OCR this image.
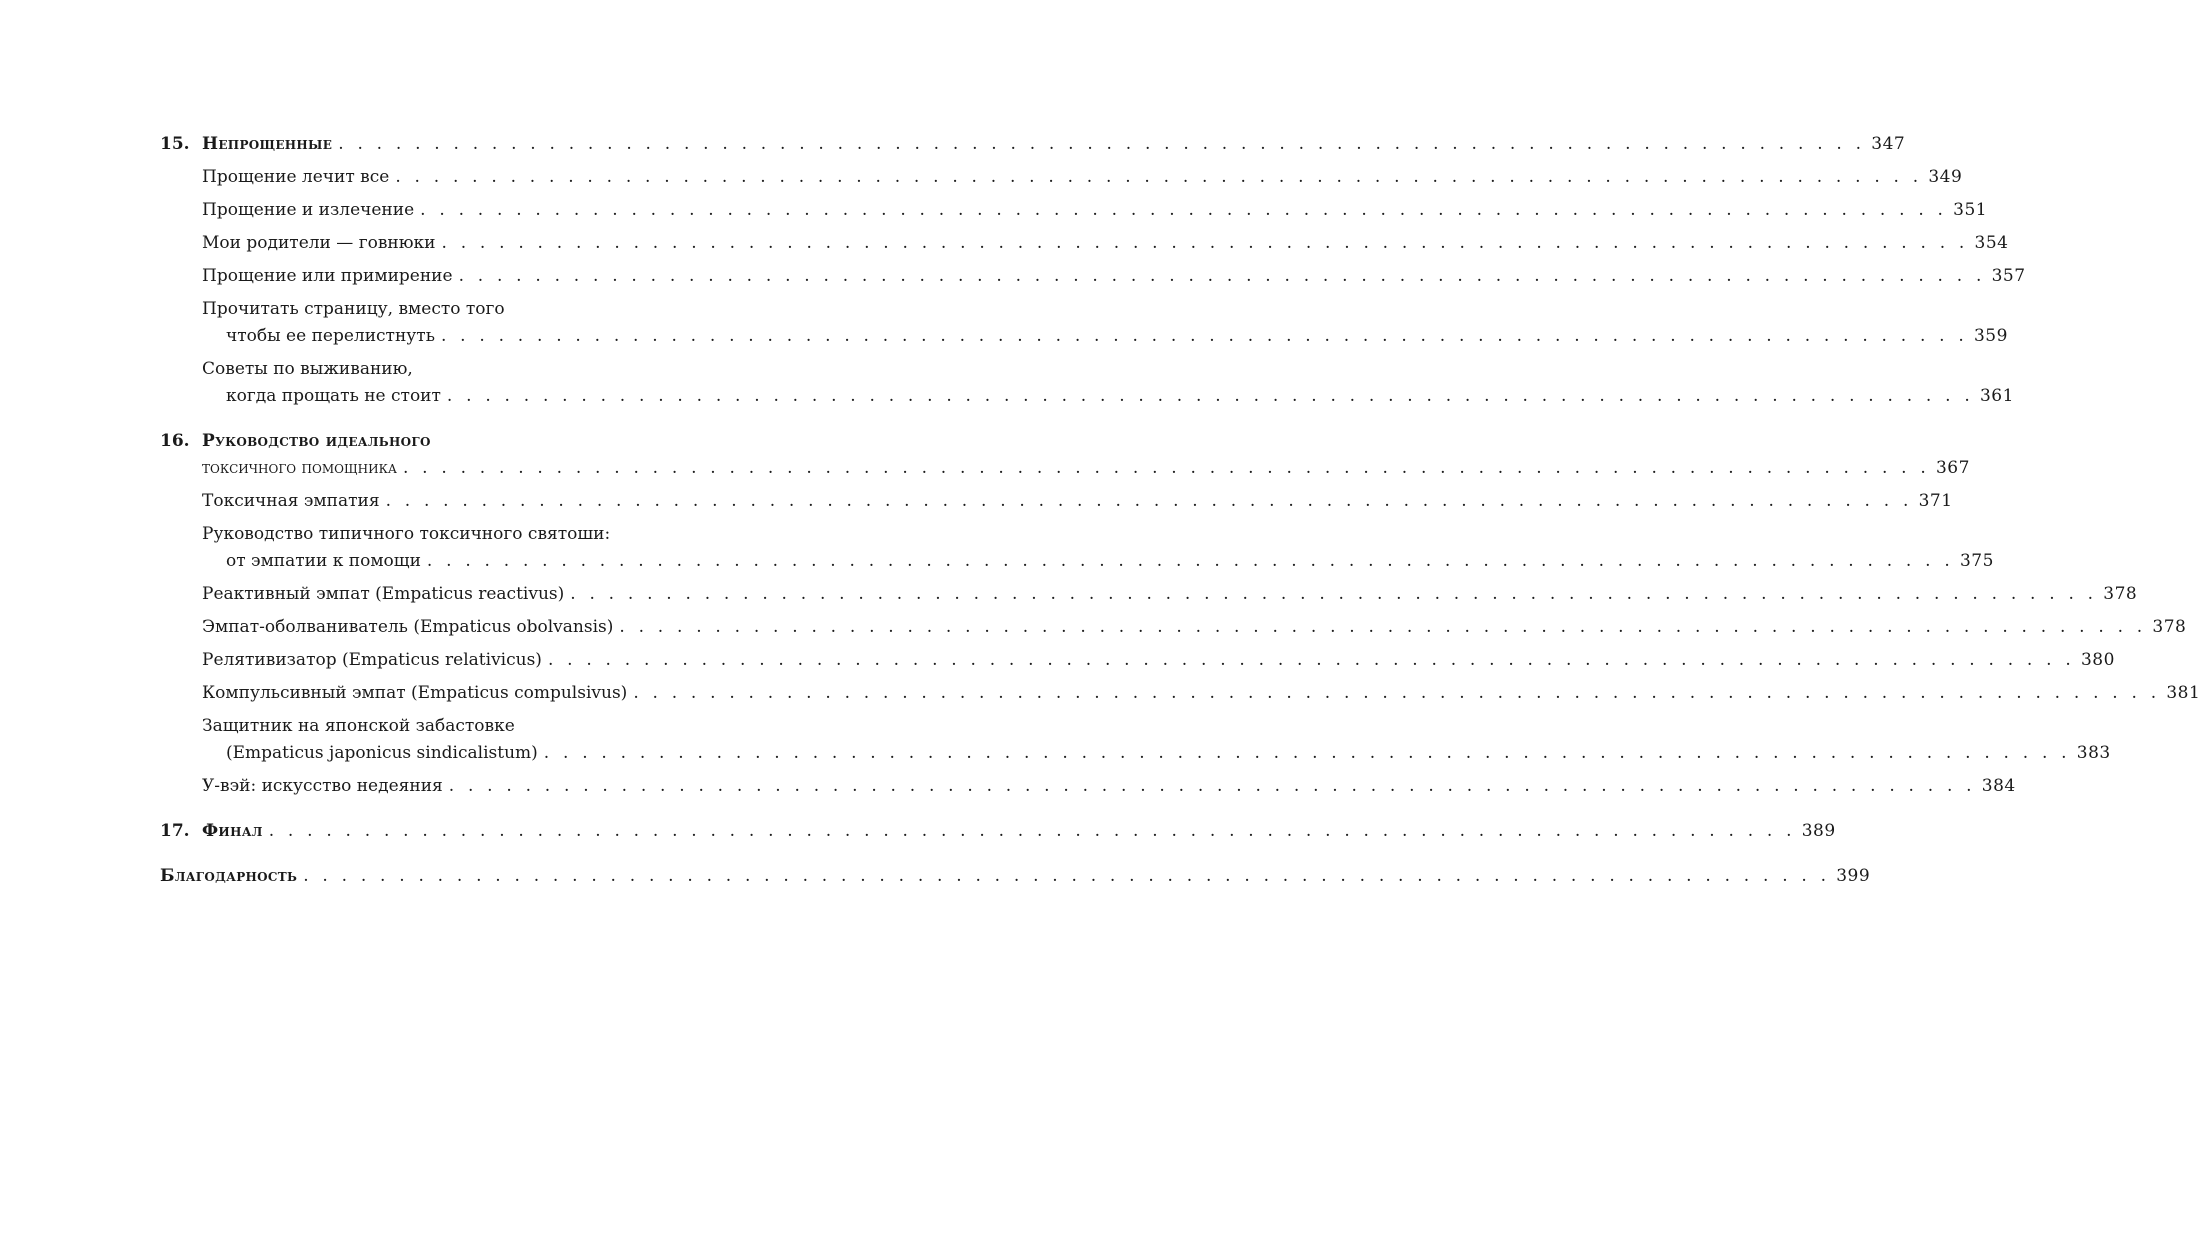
15. Непрощенные . . . . . . . . . . . . . . . . . . . . . . . . . . . . . . . . . . . . . . . . . . . . . . . . . . . . . . . . . . . . . . . . . . . . . . . . . . . . . . . . 347
Прощение лечит все . . . . . . . . . . . . . . . . . . . . . . . . . . . . . . . . . . . . . . . . . . . . . . . . . . . . . . . . . . . . . . . . . . . . . . . . . . . . . . . . 349
Прощение и излечение . . . . . . . . . . . . . . . . . . . . . . . . . . . . . . . . . . . . . . . . . . . . . . . . . . . . . . . . . . . . . . . . . . . . . . . . . . . . . . . . 351
Мои родители — говнюки . . . . . . . . . . . . . . . . . . . . . . . . . . . . . . . . . . . . . . . . . . . . . . . . . . . . . . . . . . . . . . . . . . . . . . . . . . . . . . . . 354
Прощение или примирение . . . . . . . . . . . . . . . . . . . . . . . . . . . . . . . . . . . . . . . . . . . . . . . . . . . . . . . . . . . . . . . . . . . . . . . . . . . . . . . . 357
Прочитать страницу, вместо того
чтобы ее перелистнуть . . . . . . . . . . . . . . . . . . . . . . . . . . . . . . . . . . . . . . . . . . . . . . . . . . . . . . . . . . . . . . . . . . . . . . . . . . . . . . . . 359
Советы по выживанию,
когда прощать не стоит . . . . . . . . . . . . . . . . . . . . . . . . . . . . . . . . . . . . . . . . . . . . . . . . . . . . . . . . . . . . . . . . . . . . . . . . . . . . . . . . 361
16. Руководство идеального
токсичного помощника . . . . . . . . . . . . . . . . . . . . . . . . . . . . . . . . . . . . . . . . . . . . . . . . . . . . . . . . . . . . . . . . . . . . . . . . . . . . . . . . 367
Токсичная эмпатия . . . . . . . . . . . . . . . . . . . . . . . . . . . . . . . . . . . . . . . . . . . . . . . . . . . . . . . . . . . . . . . . . . . . . . . . . . . . . . . . 371
Руководство типичного токсичного святоши:
от эмпатии к помощи . . . . . . . . . . . . . . . . . . . . . . . . . . . . . . . . . . . . . . . . . . . . . . . . . . . . . . . . . . . . . . . . . . . . . . . . . . . . . . . . 375
Реактивный эмпат (Empaticus reactivus) . . . . . . . . . . . . . . . . . . . . . . . . . . . . . . . . . . . . . . . . . . . . . . . . . . . . . . . . . . . . . . . . . . . . . . . . . . . . . . . . 378
Эмпат-оболваниватель (Empaticus obolvansis) . . . . . . . . . . . . . . . . . . . . . . . . . . . . . . . . . . . . . . . . . . . . . . . . . . . . . . . . . . . . . . . . . . . . . . . . . . . . . . . . 378
Релятивизатор (Empaticus relativicus) . . . . . . . . . . . . . . . . . . . . . . . . . . . . . . . . . . . . . . . . . . . . . . . . . . . . . . . . . . . . . . . . . . . . . . . . . . . . . . . . 380
Компульсивный эмпат (Empaticus compulsivus) . . . . . . . . . . . . . . . . . . . . . . . . . . . . . . . . . . . . . . . . . . . . . . . . . . . . . . . . . . . . . . . . . . . . . . . . . . . . . . . . 381
Защитник на японской забастовке
(Empaticus japonicus sindicalistum) . . . . . . . . . . . . . . . . . . . . . . . . . . . . . . . . . . . . . . . . . . . . . . . . . . . . . . . . . . . . . . . . . . . . . . . . . . . . . . . . 383
У-вэй: искусство недеяния . . . . . . . . . . . . . . . . . . . . . . . . . . . . . . . . . . . . . . . . . . . . . . . . . . . . . . . . . . . . . . . . . . . . . . . . . . . . . . . . 384
17. Финал . . . . . . . . . . . . . . . . . . . . . . . . . . . . . . . . . . . . . . . . . . . . . . . . . . . . . . . . . . . . . . . . . . . . . . . . . . . . . . . . 389
Благодарность . . . . . . . . . . . . . . . . . . . . . . . . . . . . . . . . . . . . . . . . . . . . . . . . . . . . . . . . . . . . . . . . . . . . . . . . . . . . . . . . 399
